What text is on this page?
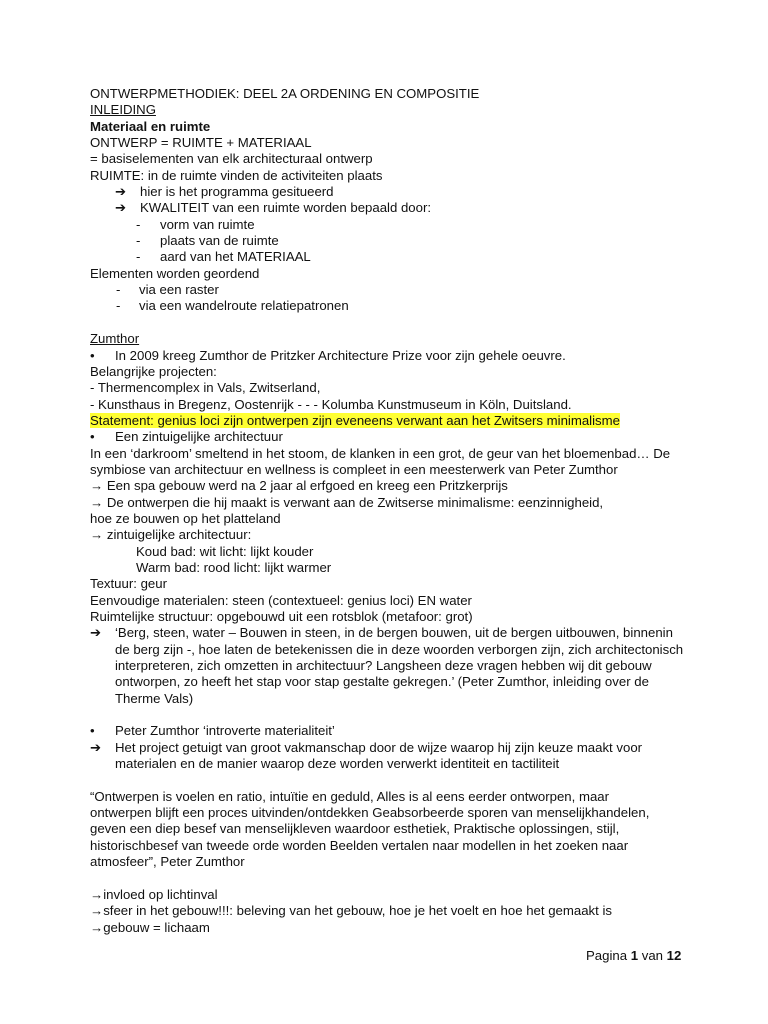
ONTWERPMETHODIEK: DEEL 2A ORDENING EN COMPOSITIE
INLEIDING
Materiaal en ruimte
ONTWERP = RUIMTE + MATERIAAL
= basiselementen van elk architecturaal ontwerp
RUIMTE: in de ruimte vinden de activiteiten plaats
➔	hier is het programma gesitueerd
➔	KWALITEIT van een ruimte worden bepaald door:
-	vorm van ruimte
-	plaats van de ruimte
-	aard van het MATERIAAL
Elementen worden geordend
-	via een raster
-	via een wandelroute relatiepatronen
Zumthor
•	In 2009 kreeg Zumthor de Pritzker Architecture Prize voor zijn gehele oeuvre.
Belangrijke projecten:
- Thermencomplex in Vals, Zwitserland,
- Kunsthaus in Bregenz, Oostenrijk - - - Kolumba Kunstmuseum in Köln, Duitsland.
Statement: genius loci zijn ontwerpen zijn eveneens verwant aan het Zwitsers minimalisme
•	Een zintuigelijke architectuur
In een ‘darkroom’ smeltend in het stoom, de klanken in een grot, de geur van het bloemenbad… De
symbiose van architectuur en wellness is compleet in een meesterwerk van Peter Zumthor
→ Een spa gebouw werd na 2 jaar al erfgoed en kreeg een Pritzkerprijs
→ De ontwerpen die hij maakt is verwant aan de Zwitserse minimalisme: eenzinnigheid,
hoe ze bouwen op het platteland
→ zintuigelijke architectuur:
Koud bad: wit licht: lijkt kouder
Warm bad: rood licht: lijkt warmer
Textuur: geur
Eenvoudige materialen: steen (contextueel: genius loci) EN water
Ruimtelijke structuur: opgebouwd uit een rotsblok (metafoor: grot)
➔	‘Berg, steen, water – Bouwen in steen, in de bergen bouwen, uit de bergen uitbouwen, binnenin
de berg zijn -, hoe laten de betekenissen die in deze woorden verborgen zijn, zich architectonisch
interpreteren, zich omzetten in architectuur? Langsheen deze vragen hebben wij dit gebouw
ontworpen, zo heeft het stap voor stap gestalte gekregen.’ (Peter Zumthor, inleiding over de
Therme Vals)
•	Peter Zumthor ‘introverte materialiteit’
➔	Het project getuigt van groot vakmanschap door de wijze waarop hij zijn keuze maakt voor
materialen en de manier waarop deze worden verwerkt identiteit en tactiliteit
“Ontwerpen is voelen en ratio, intuïtie en geduld, Alles is al eens eerder ontworpen, maar
ontwerpen blijft een proces uitvinden/ontdekken Geabsorbeerde sporen van menselijkhandelen,
geven een diep besef van menselijkleven waardoor esthetiek, Praktische oplossingen, stijl,
historischbesef van tweede orde worden Beelden vertalen naar modellen in het zoeken naar
atmosfeer”, Peter Zumthor
→invloed op lichtinval
→sfeer in het gebouw!!!: beleving van het gebouw, hoe je het voelt en hoe het gemaakt is
→gebouw = lichaam
Pagina 1 van 12
